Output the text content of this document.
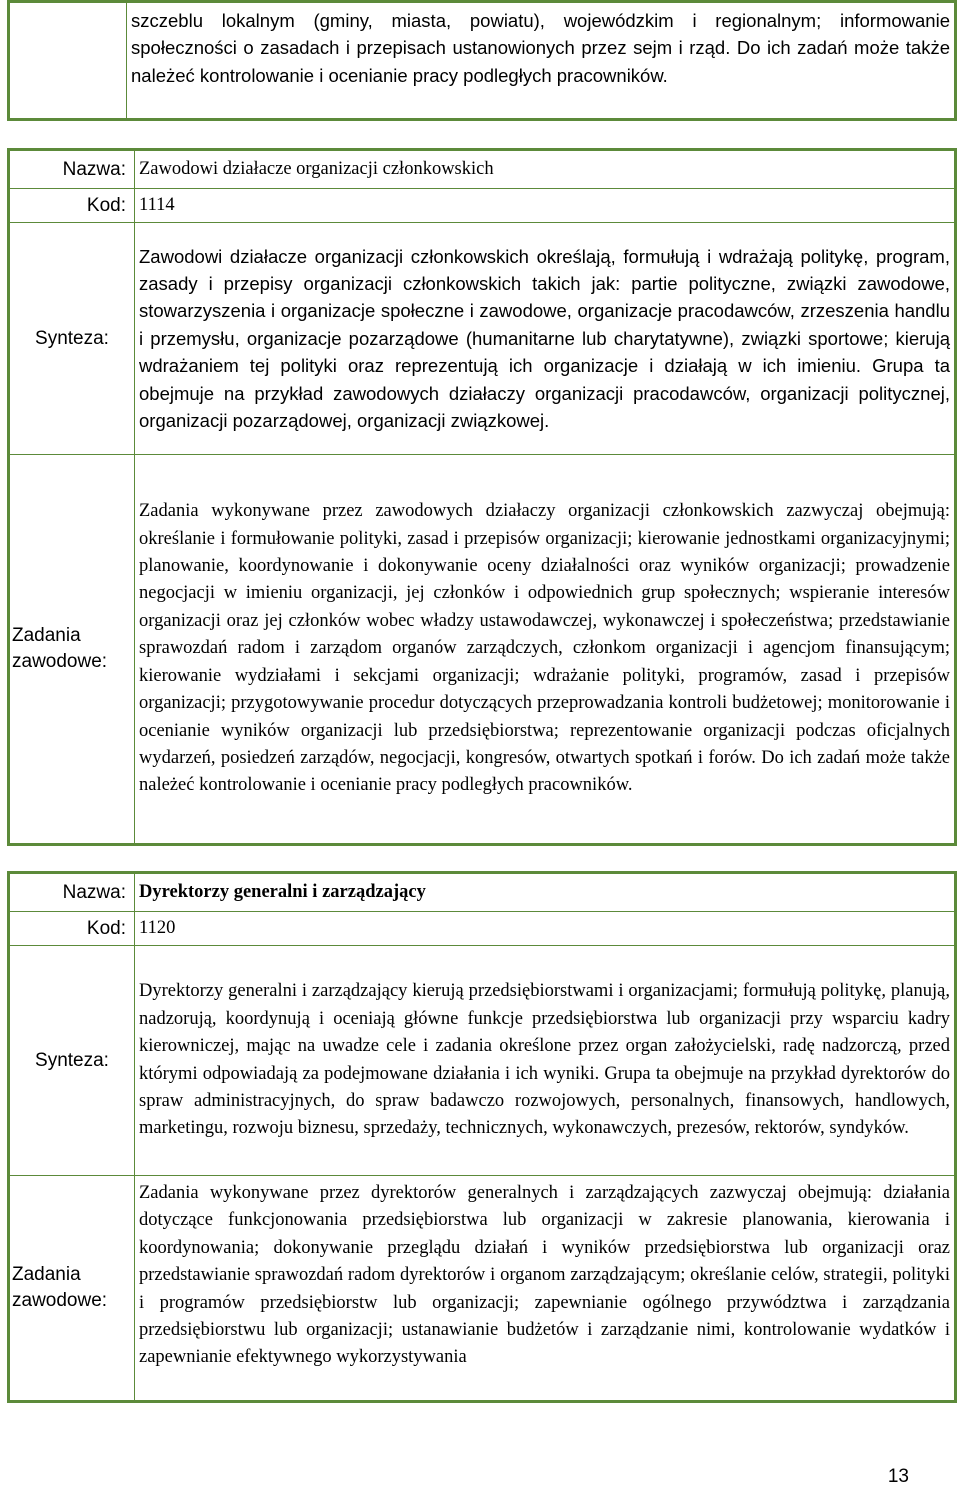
	szczeblu lokalnym (gminy, miasta, powiatu), wojewódzkim i regionalnym; informowanie społeczności o zasadach i przepisach ustanowionych przez sejm i rząd. Do ich zadań może także należeć kontrolowanie i ocenianie pracy podległych pracowników.
Nazwa:	Zawodowi działacze organizacji członkowskich
Kod:	1114
Synteza:	Zawodowi działacze organizacji członkowskich określają, formułują i wdrażają politykę, program, zasady i przepisy organizacji członkowskich takich jak: partie polityczne, związki zawodowe, stowarzyszenia i organizacje społeczne i zawodowe, organizacje pracodawców, zrzeszenia handlu i przemysłu, organizacje pozarządowe (humanitarne lub charytatywne), związki sportowe; kierują wdrażaniem tej polityki oraz reprezentują ich organizacje i działają w ich imieniu. Grupa ta obejmuje na przykład zawodowych działaczy organizacji pracodawców, organizacji politycznej, organizacji pozarządowej, organizacji związkowej.

Zadania
zawodowe:	Zadania wykonywane przez zawodowych działaczy organizacji członkowskich zazwyczaj obejmują: określanie i formułowanie polityki, zasad i przepisów organizacji; kierowanie jednostkami organizacyjnymi; planowanie, koordynowanie i dokonywanie oceny działalności oraz wyników organizacji; prowadzenie negocjacji w imieniu organizacji, jej członków i odpowiednich grup społecznych; wspieranie interesów organizacji oraz jej członków wobec władzy ustawodawczej, wykonawczej i społeczeństwa; przedstawianie sprawozdań radom i zarządom organów zarządczych, członkom organizacji i agencjom finansującym; kierowanie wydziałami i sekcjami organizacji; wdrażanie polityki, programów, zasad i przepisów organizacji; przygotowywanie procedur dotyczących przeprowadzania kontroli budżetowej; monitorowanie i ocenianie wyników organizacji lub przedsiębiorstwa; reprezentowanie organizacji podczas oficjalnych wydarzeń, posiedzeń zarządów, negocjacji, kongresów, otwartych spotkań i forów. Do ich zadań może także należeć kontrolowanie i ocenianie pracy podległych pracowników.
Nazwa:	Dyrektorzy generalni i zarządzający
Kod:	1120
Synteza:	Dyrektorzy generalni i zarządzający kierują przedsiębiorstwami i organizacjami; formułują politykę, planują, nadzorują, koordynują i oceniają główne funkcje przedsiębiorstwa lub organizacji przy wsparciu kadry kierowniczej, mając na uwadze cele i zadania określone przez organ założycielski, radę nadzorczą, przed którymi odpowiadają za podejmowane działania i ich wyniki. Grupa ta obejmuje na przykład dyrektorów do spraw administracyjnych, do spraw badawczo rozwojowych, personalnych, finansowych, handlowych, marketingu, rozwoju biznesu, sprzedaży, technicznych, wykonawczych, prezesów, rektorów, syndyków.

Zadania
zawodowe:	Zadania wykonywane przez dyrektorów generalnych i zarządzających zazwyczaj obejmują: działania dotyczące funkcjonowania przedsiębiorstwa lub organizacji w zakresie planowania, kierowania i koordynowania; dokonywanie przeglądu działań i wyników przedsiębiorstwa lub organizacji oraz przedstawianie sprawozdań radom dyrektorów i organom zarządzającym; określanie celów, strategii, polityki i programów przedsiębiorstw lub organizacji; zapewnianie ogólnego przywództwa i zarządzania przedsiębiorstwu lub organizacji; ustanawianie budżetów i zarządzanie nimi, kontrolowanie wydatków i zapewnianie efektywnego wykorzystywania
13
